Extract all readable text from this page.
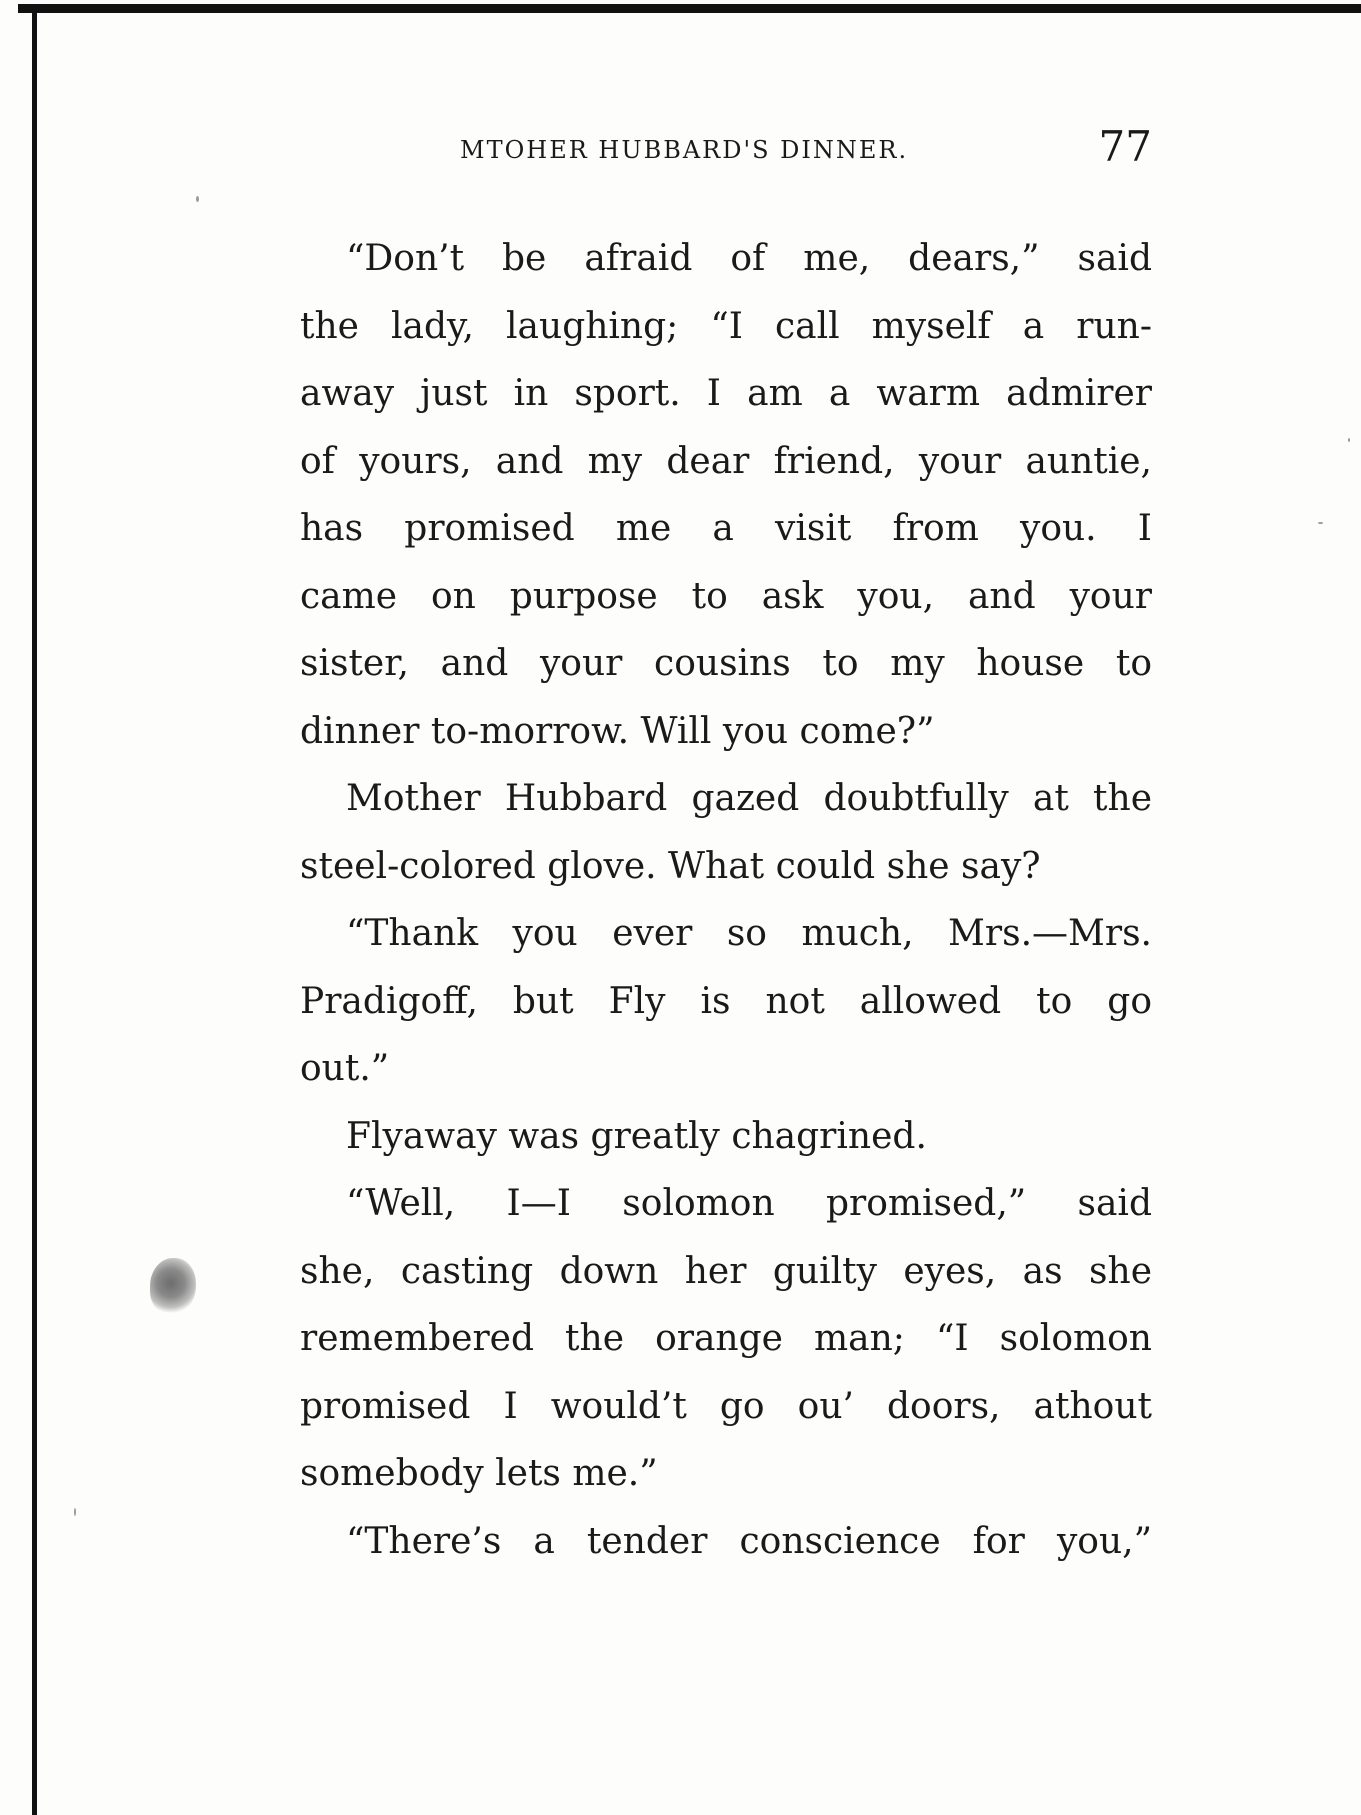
MTOHER HUBBARD'S DINNER.	77

“Don’t be afraid of me, dears,” said

the lady, laughing; “I call myself a run-

away just in sport. I am a warm admirer

of yours, and my dear friend, your auntie,

has promised me a visit from you. I

came on purpose to ask you, and your

sister, and your cousins to my house to

dinner to-morrow. Will you come?”

Mother Hubbard gazed doubtfully at the

steel-colored glove. What could she say?

“Thank you ever so much, Mrs.—Mrs.

Pradigoff, but Fly is not allowed to go

out.”

Flyaway was greatly chagrined.

“Well, I—I solomon promised,” said

she, casting down her guilty eyes, as she

remembered the orange man; “I solomon

promised I would’t go ou’ doors, athout

somebody lets me.”

“There’s a tender conscience for you,”
